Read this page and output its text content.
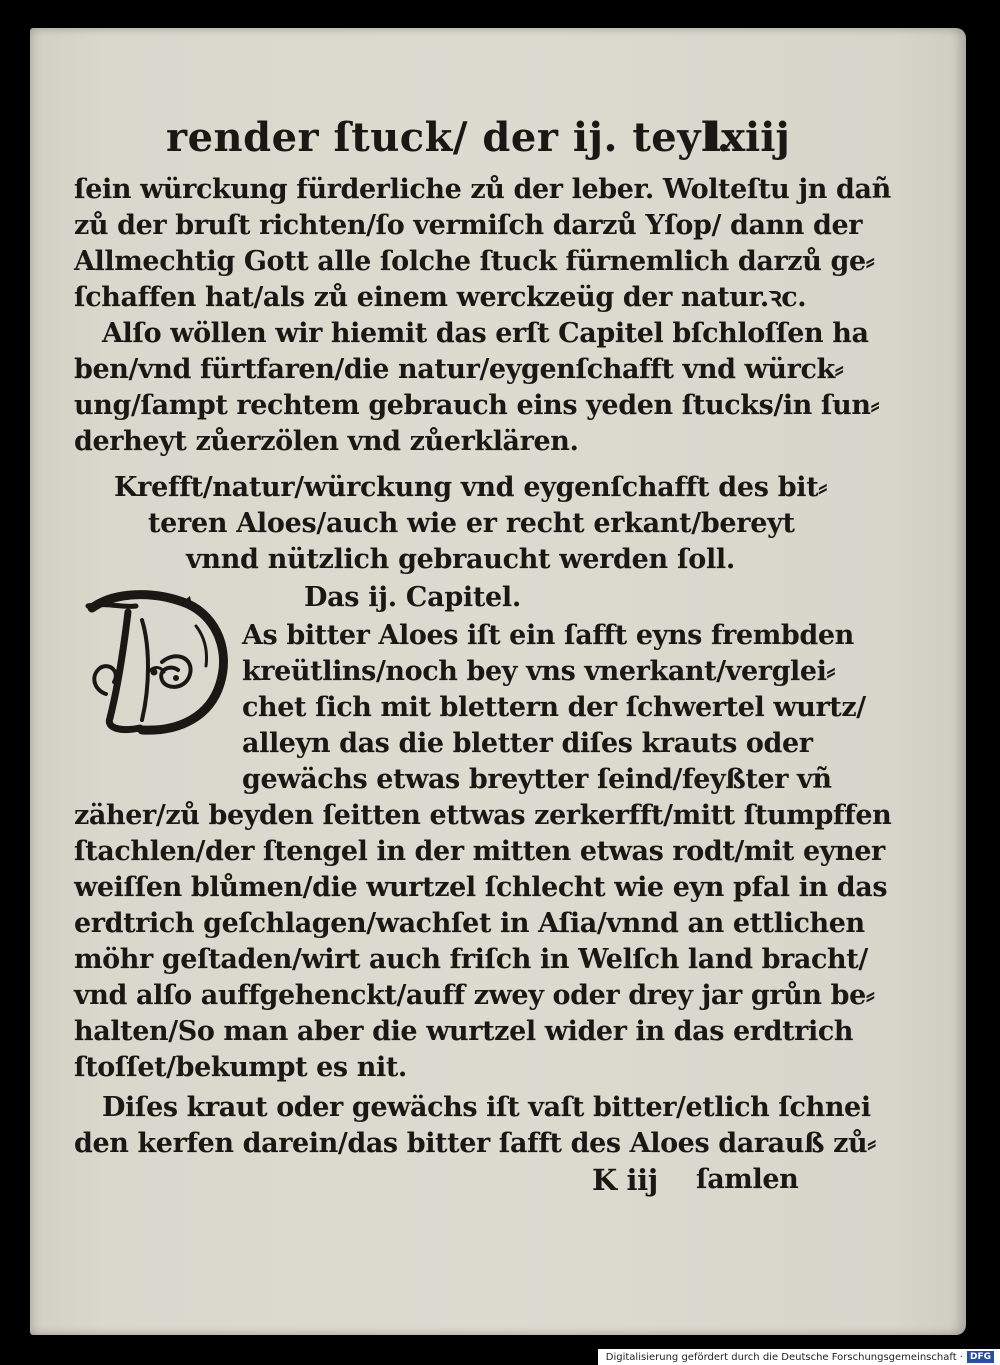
render ſtuck/ der ij. teyl.
lxiij
ſein würckung fürderliche zů der leber. Wolteſtu jn dañ
zů der bruſt richten/ſo vermiſch darzů Yſop/ dann der
Allmechtig Gott alle ſolche ſtuck fürnemlich darzů ge⸗
ſchaffen hat/als zů einem werckzeüg der natur.ꝛc.
Alſo wöllen wir hiemit das erſt Capitel bſchloſſen ha
ben/vnd fürtfaren/die natur/eygenſchafft vnd würck⸗
ung/ſampt rechtem gebrauch eins yeden ſtucks/in ſun⸗
derheyt zůerzölen vnd zůerklären.
Krefft/natur/würckung vnd eygenſchafft des bit⸗
teren Aloes/auch wie er recht erkant/bereyt
vnnd nützlich gebraucht werden ſoll.
Das ij. Capitel.
As bitter Aloes iſt ein ſafft eyns frembden
kreütlins/noch bey vns vnerkant/verglei⸗
chet ſich mit blettern der ſchwertel wurtz/
alleyn das die bletter diſes krauts oder
gewächs etwas breytter ſeind/feyßter vñ
zäher/zů beyden ſeitten ettwas zerkerfft/mitt ſtumpffen
ſtachlen/der ſtengel in der mitten etwas rodt/mit eyner
weiſſen blůmen/die wurtzel ſchlecht wie eyn pfal in das
erdtrich geſchlagen/wachſet in Aſia/vnnd an ettlichen
möhr geſtaden/wirt auch friſch in Welſch land bracht/
vnd alſo auffgehenckt/auff zwey oder drey jar grůn be⸗
halten/So man aber die wurtzel wider in das erdtrich
ſtoſſet/bekumpt es nit.
Diſes kraut oder gewächs iſt vaſt bitter/etlich ſchnei
den kerfen darein/das bitter ſafft des Aloes darauß zů⸗
K iij ſamlen
Digitalisierung gefördert durch die Deutsche Forschungsgemeinschaft · DFG
